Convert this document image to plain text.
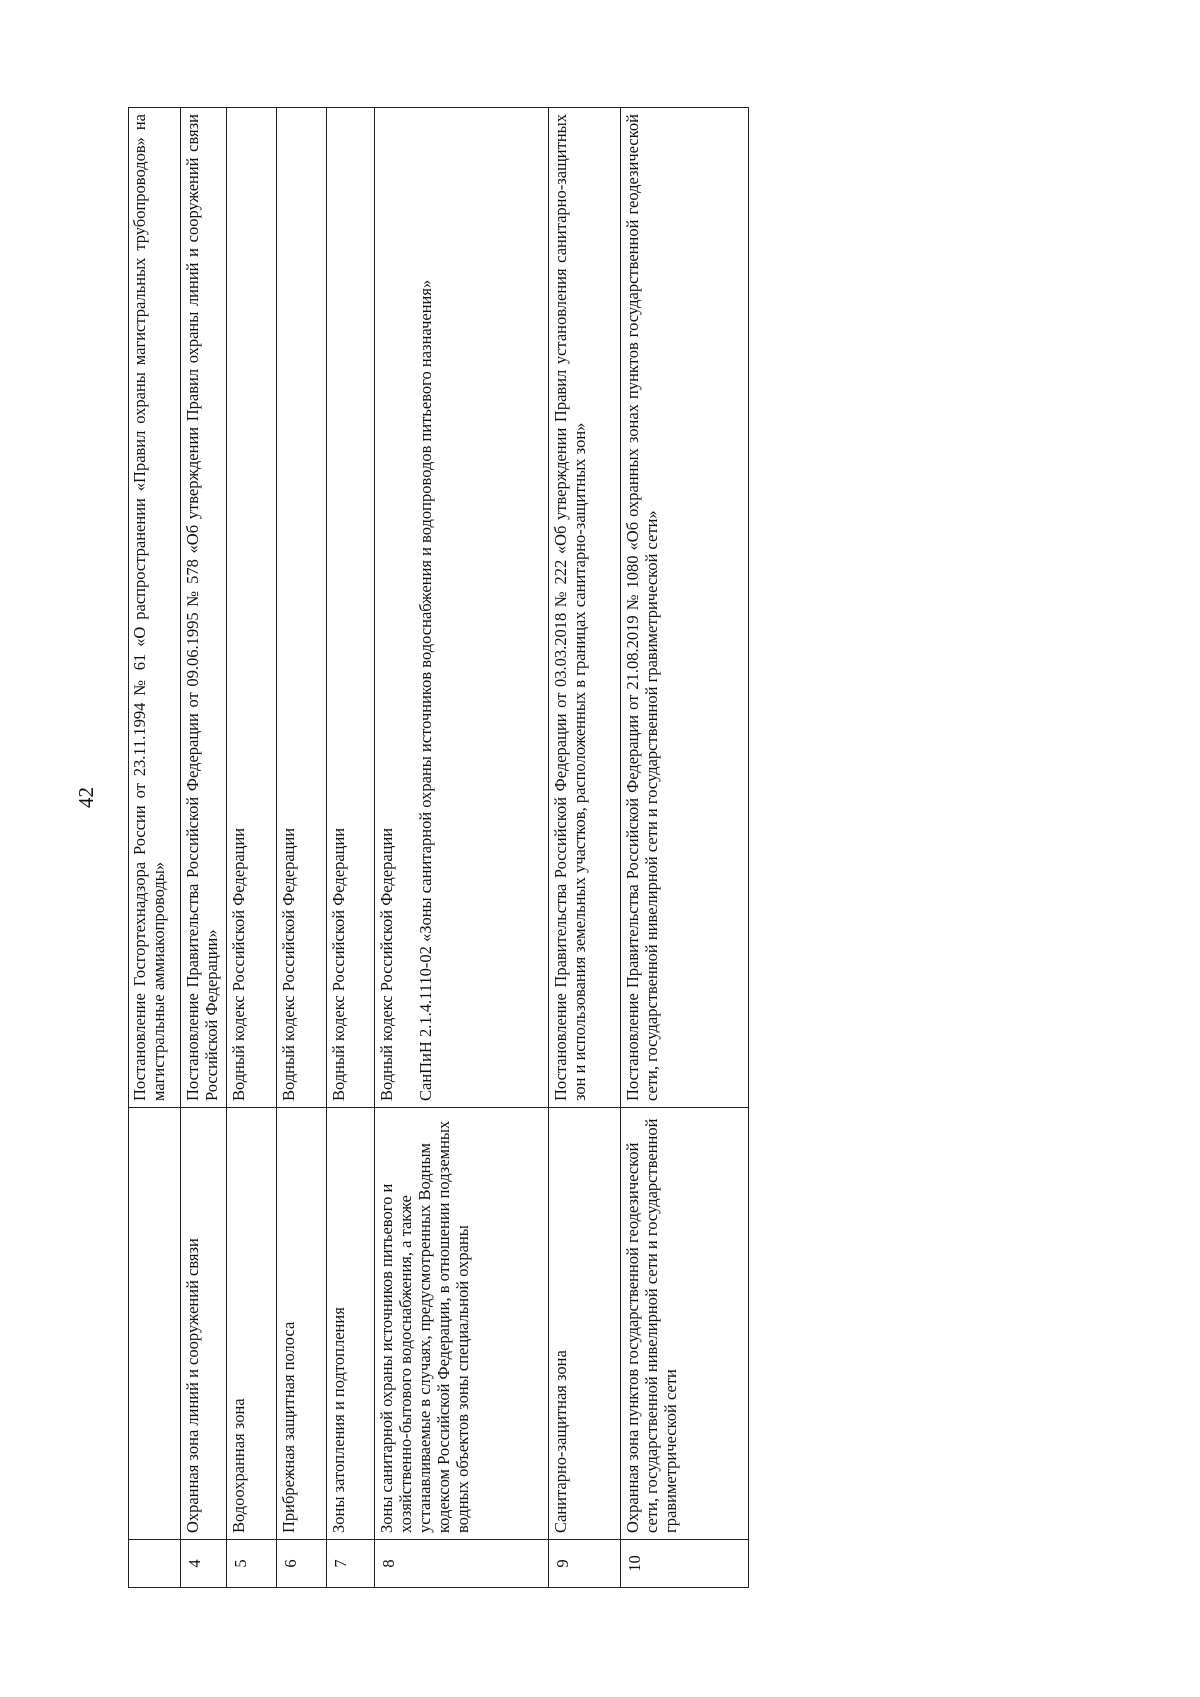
42
		Постановление Госгортехнадзора России от 23.11.1994 № 61 «О распространении «Правил охраны магистральных трубопроводов» на магистральные аммиакопроводы»
4	Охранная зона линий и сооружений связи	Постановление Правительства Российской Федерации от 09.06.1995 № 578 «Об утверждении Правил охраны линий и сооружений связи Российской Федерации»
5	Водоохранная зона	Водный кодекс Российской Федерации
6	Прибрежная защитная полоса	Водный кодекс Российской Федерации
7	Зоны затопления и подтопления	Водный кодекс Российской Федерации
8	Зоны санитарной охраны источников питьевого и хозяйственно-бытового водоснабжения, а также устанавливаемые в случаях, предусмотренных Водным кодексом Российской Федерации, в отношении подземных водных объектов зоны специальной охраны	Водный кодекс Российской Федерации СанПиН 2.1.4.1110-02 «Зоны санитарной охраны источников водоснабжения и водопроводов питьевого назначения»

9	Санитарно-защитная зона	Постановление Правительства Российской Федерации от 03.03.2018 № 222 «Об утверждении Правил установления санитарно-защитных зон и использования земельных участков, расположенных в границах санитарно-защитных зон»
10	Охранная зона пунктов государственной геодезической сети, государственной нивелирной сети и государственной гравиметрической сети	Постановление Правительства Российской Федерации от 21.08.2019 № 1080 «Об охранных зонах пунктов государственной геодезической сети, государственной нивелирной сети и государственной гравиметрической сети»
